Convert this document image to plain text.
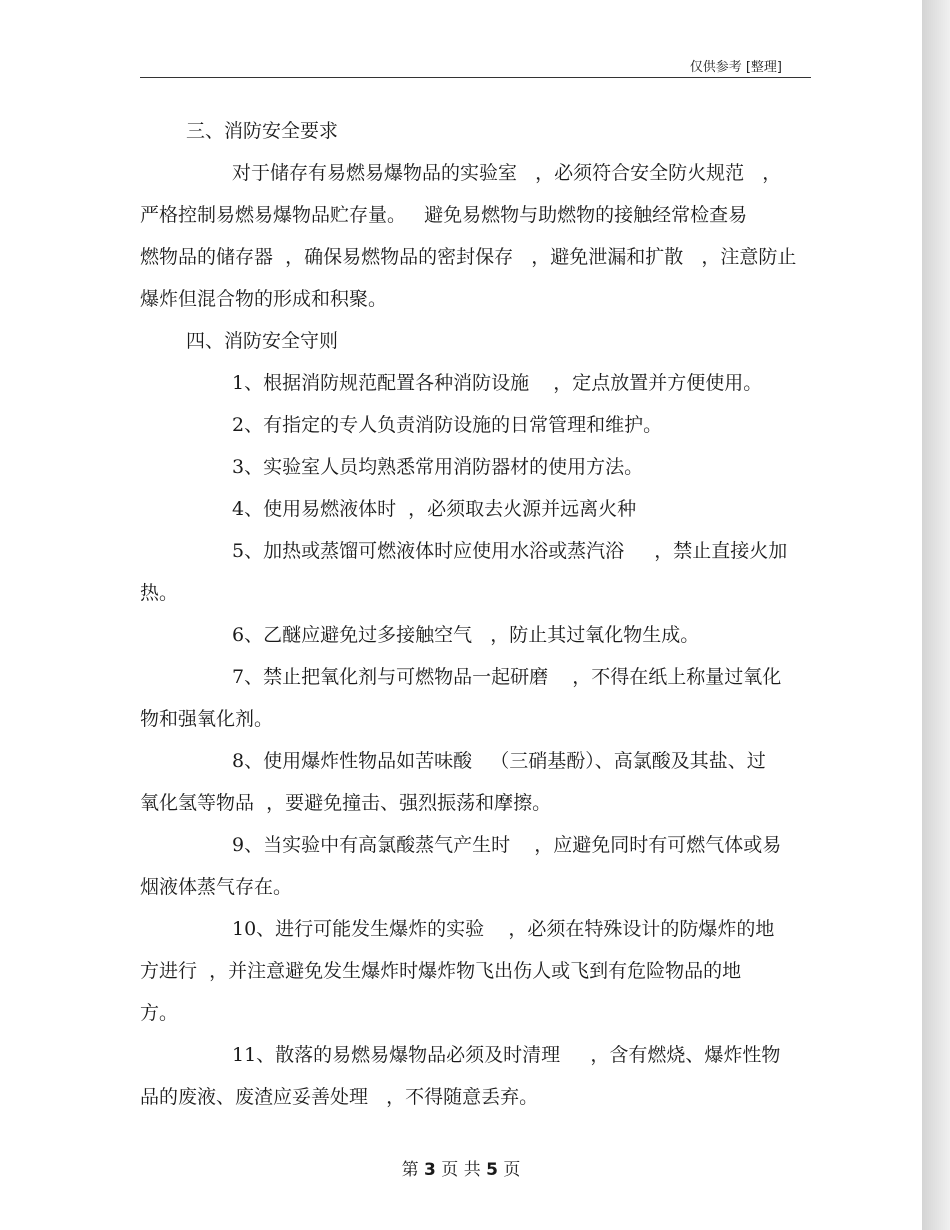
仅供参考 [整理]
三、消防安全要求
对于储存有易燃易爆物品的实验室   ，必须符合安全防火规范   ，
严格控制易燃易爆物品贮存量。   避免易燃物与助燃物的接触经常检查易
燃物品的储存器  ，确保易燃物品的密封保存   ，避免泄漏和扩散   ，注意防止
爆炸但混合物的形成和积聚。
四、消防安全守则
1、根据消防规范配置各种消防设施    ，定点放置并方便使用。
2、有指定的专人负责消防设施的日常管理和维护。
3、实验室人员均熟悉常用消防器材的使用方法。
4、使用易燃液体时  ，必须取去火源并远离火种
5、加热或蒸馏可燃液体时应使用水浴或蒸汽浴     ，禁止直接火加
热。
6、乙醚应避免过多接触空气   ，防止其过氧化物生成。
7、禁止把氧化剂与可燃物品一起研磨    ，不得在纸上称量过氧化
物和强氧化剂。
8、使用爆炸性物品如苦味酸   （三硝基酚）、高氯酸及其盐、过
氧化氢等物品  ，要避免撞击、强烈振荡和摩擦。
9、当实验中有高氯酸蒸气产生时    ，应避免同时有可燃气体或易
烟液体蒸气存在。
10、进行可能发生爆炸的实验    ，必须在特殊设计的防爆炸的地
方进行  ，并注意避免发生爆炸时爆炸物飞出伤人或飞到有危险物品的地
方。
11、散落的易燃易爆物品必须及时清理     ，含有燃烧、爆炸性物
品的废液、废渣应妥善处理   ，不得随意丢弃。
第 3 页 共 5 页
